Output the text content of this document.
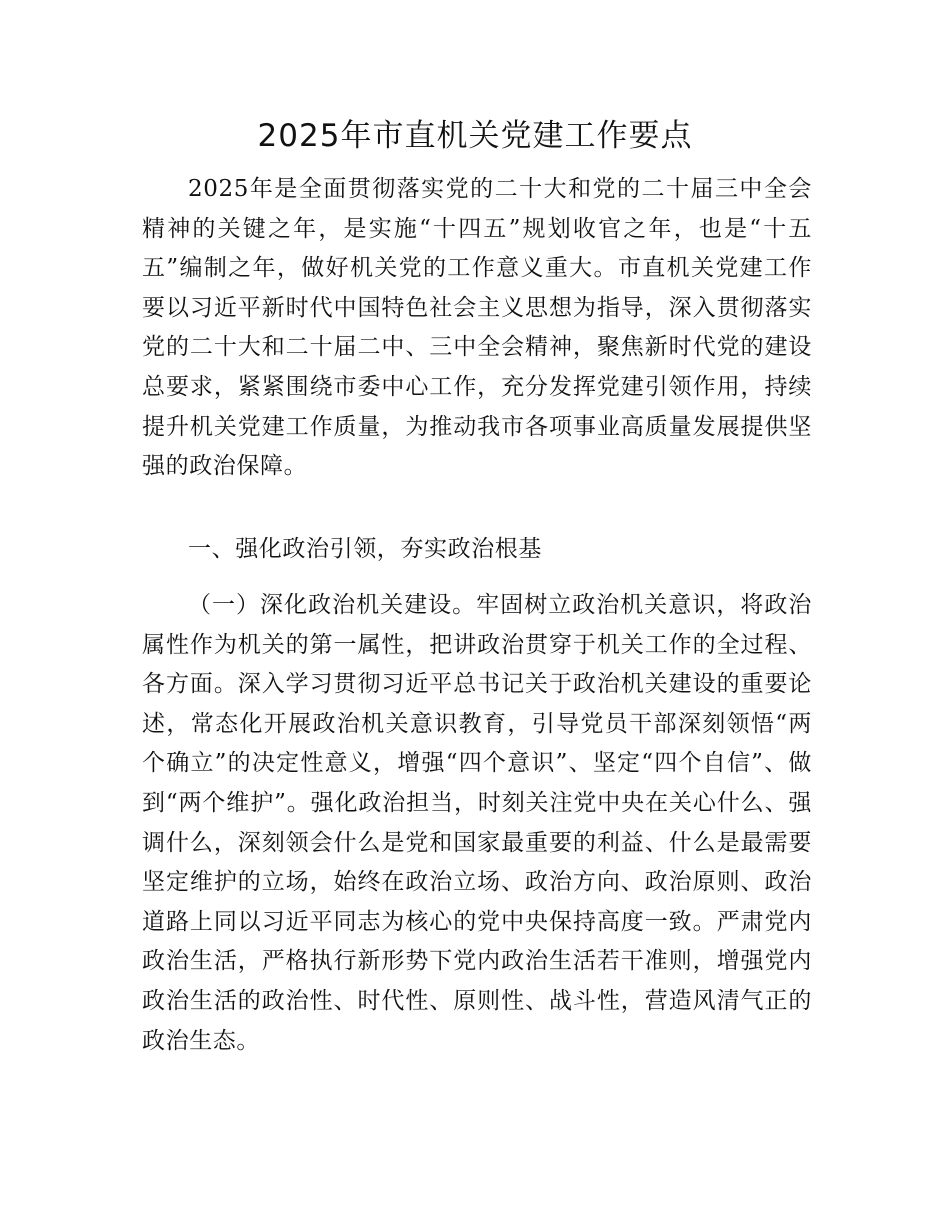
2025年市直机关党建工作要点

2025年是全面贯彻落实党的二十大和党的二十届三中全会精神的关键之年，是实施“十四五”规划收官之年，也是“十五五”编制之年，做好机关党的工作意义重大。市直机关党建工作要以习近平新时代中国特色社会主义思想为指导，深入贯彻落实党的二十大和二十届二中、三中全会精神，聚焦新时代党的建设总要求，紧紧围绕市委中心工作，充分发挥党建引领作用，持续提升机关党建工作质量，为推动我市各项事业高质量发展提供坚强的政治保障。

一、强化政治引领，夯实政治根基

（一）深化政治机关建设。牢固树立政治机关意识，将政治属性作为机关的第一属性，把讲政治贯穿于机关工作的全过程、各方面。深入学习贯彻习近平总书记关于政治机关建设的重要论述，常态化开展政治机关意识教育，引导党员干部深刻领悟“两个确立”的决定性意义，增强“四个意识”、坚定“四个自信”、做到“两个维护”。强化政治担当，时刻关注党中央在关心什么、强调什么，深刻领会什么是党和国家最重要的利益、什么是最需要坚定维护的立场，始终在政治立场、政治方向、政治原则、政治道路上同以习近平同志为核心的党中央保持高度一致。严肃党内政治生活，严格执行新形势下党内政治生活若干准则，增强党内政治生活的政治性、时代性、原则性、战斗性，营造风清气正的政治生态。
